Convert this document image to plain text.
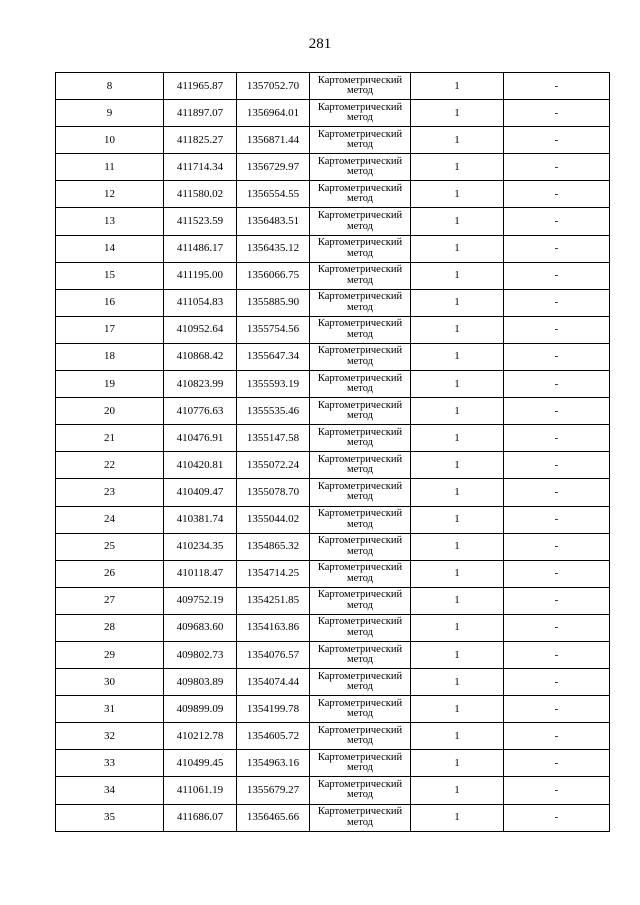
281
8	411965.87	1357052.70	Картометрический
метод	1	-
9	411897.07	1356964.01	Картометрический
метод	1	-
10	411825.27	1356871.44	Картометрический
метод	1	-
11	411714.34	1356729.97	Картометрический
метод	1	-
12	411580.02	1356554.55	Картометрический
метод	1	-
13	411523.59	1356483.51	Картометрический
метод	1	-
14	411486.17	1356435.12	Картометрический
метод	1	-
15	411195.00	1356066.75	Картометрический
метод	1	-
16	411054.83	1355885.90	Картометрический
метод	1	-
17	410952.64	1355754.56	Картометрический
метод	1	-
18	410868.42	1355647.34	Картометрический
метод	1	-
19	410823.99	1355593.19	Картометрический
метод	1	-
20	410776.63	1355535.46	Картометрический
метод	1	-
21	410476.91	1355147.58	Картометрический
метод	1	-
22	410420.81	1355072.24	Картометрический
метод	1	-
23	410409.47	1355078.70	Картометрический
метод	1	-
24	410381.74	1355044.02	Картометрический
метод	1	-
25	410234.35	1354865.32	Картометрический
метод	1	-
26	410118.47	1354714.25	Картометрический
метод	1	-
27	409752.19	1354251.85	Картометрический
метод	1	-
28	409683.60	1354163.86	Картометрический
метод	1	-
29	409802.73	1354076.57	Картометрический
метод	1	-
30	409803.89	1354074.44	Картометрический
метод	1	-
31	409899.09	1354199.78	Картометрический
метод	1	-
32	410212.78	1354605.72	Картометрический
метод	1	-
33	410499.45	1354963.16	Картометрический
метод	1	-
34	411061.19	1355679.27	Картометрический
метод	1	-
35	411686.07	1356465.66	Картометрический
метод	1	-
